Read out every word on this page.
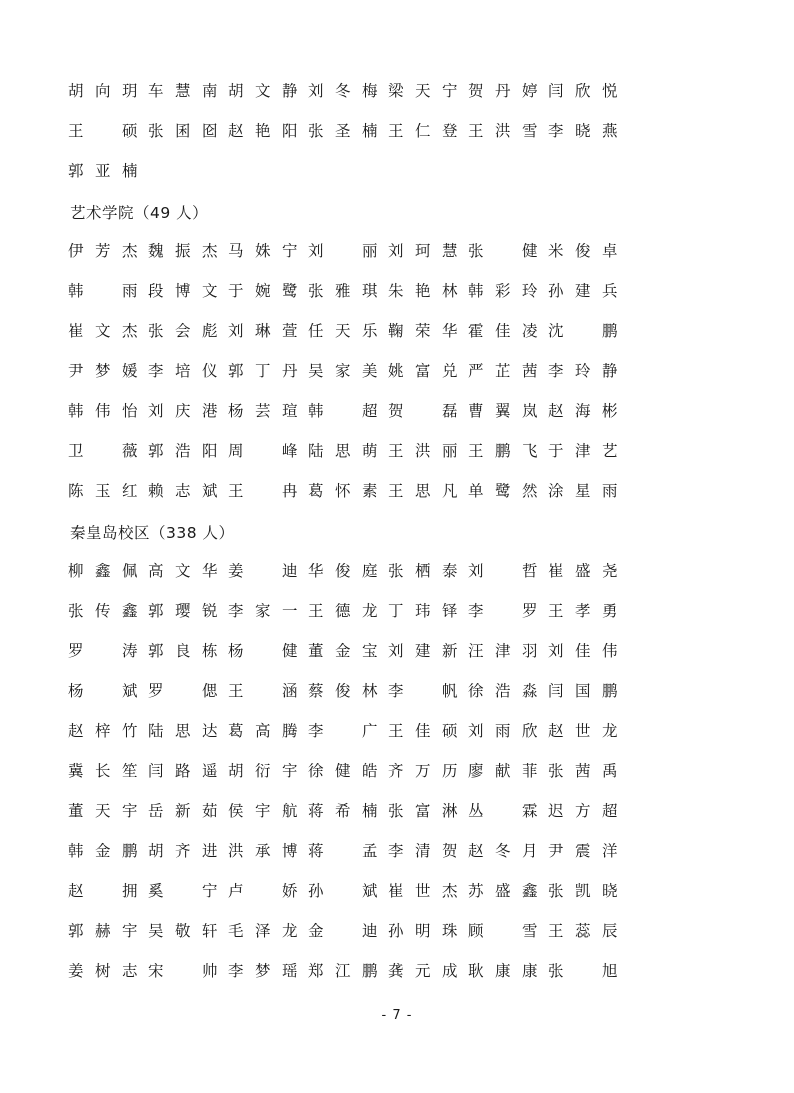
胡向玥 车慧南 胡文静 刘冬梅 梁天宁 贺丹婷 闫欣悦
王　硕 张囷囵 赵艳阳 张圣楠 王仁登 王洪雪 李晓燕
郭亚楠
艺术学院（49 人）
伊芳杰 魏振杰 马姝宁 刘　丽 刘珂慧 张　健 米俊卓
韩　雨 段博文 于婉鹭 张雅琪 朱艳林 韩彩玲 孙建兵
崔文杰 张会彪 刘琳萱 任天乐 鞠荣华 霍佳凌 沈　鹏
尹梦媛 李培仪 郭丁丹 吴家美 姚富兑 严芷茜 李玲静
韩伟怡 刘庆港 杨芸瑄 韩　超 贺　磊 曹翼岚 赵海彬
卫　薇 郭浩阳 周　峰 陆思萌 王洪丽 王鹏飞 于津艺
陈玉红 赖志斌 王　冉 葛怀素 王思凡 单鹭然 涂星雨
秦皇岛校区（338 人）
柳鑫佩 高文华 姜　迪 华俊庭 张栖泰 刘　哲 崔盛尧
张传鑫 郭璎锐 李家一 王德龙 丁玮铎 李　罗 王孝勇
罗　涛 郭良栋 杨　健 董金宝 刘建新 汪津羽 刘佳伟
杨　斌 罗　偲 王　涵 蔡俊林 李　帆 徐浩淼 闫国鹏
赵梓竹 陆思达 葛高腾 李　广 王佳硕 刘雨欣 赵世龙
冀长笙 闫路遥 胡衍宇 徐健皓 齐万历 廖献菲 张茜禹
董天宇 岳新茹 侯宇航 蒋希楠 张富淋 丛　霖 迟方超
韩金鹏 胡齐进 洪承博 蒋　孟 李清贺 赵冬月 尹震洋
赵　拥 奚　宁 卢　娇 孙　斌 崔世杰 苏盛鑫 张凯晓
郭赫宇 吴敬轩 毛泽龙 金　迪 孙明珠 顾　雪 王蕊辰
姜树志 宋　帅 李梦瑶 郑江鹏 龚元成 耿康康 张　旭
- 7 -
